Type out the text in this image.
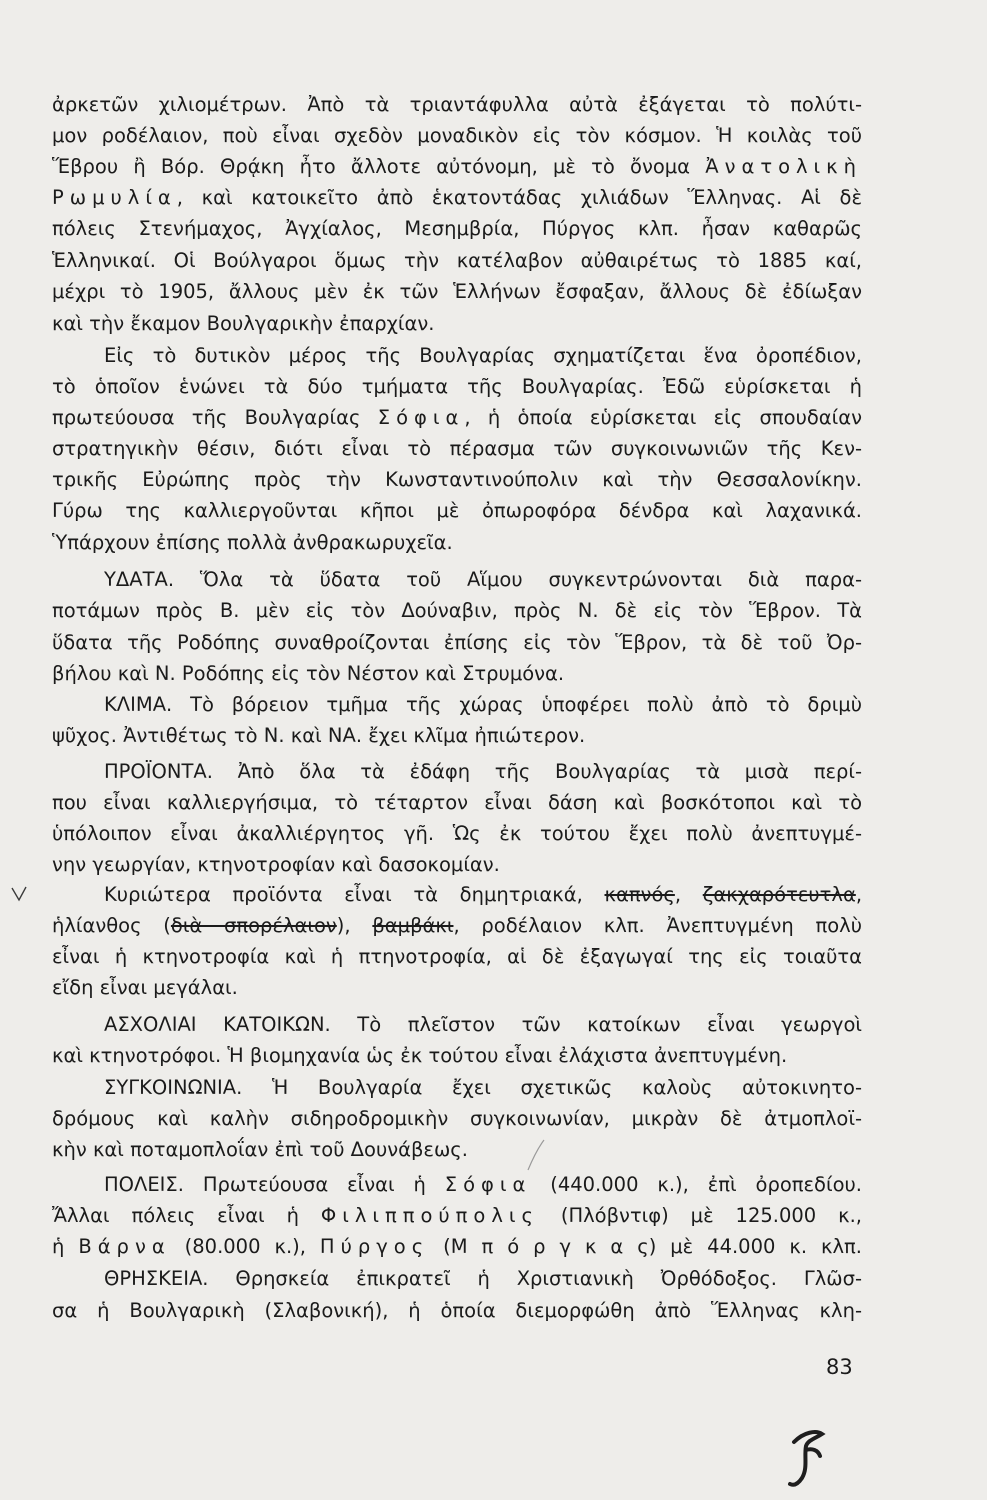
ἀρκετῶν χιλιομέτρων. Ἀπὸ τὰ τριαντάφυλλα αὐτὰ ἐξάγεται τὸ πολύτι-
μον ροδέλαιον, ποὺ εἶναι σχεδὸν μοναδικὸν εἰς τὸν κόσμον. Ἡ κοιλὰς τοῦ
Ἕβρου ἢ Βόρ. Θρᾴκη ἦτο ἄλλοτε αὐτόνομη, μὲ τὸ ὄνομα Ἀνατολικὴ
Ρωμυλία, καὶ κατοικεῖτο ἀπὸ ἑκατοντάδας χιλιάδων Ἕλληνας. Αἱ δὲ
πόλεις Στενήμαχος, Ἀγχίαλος, Μεσημβρία, Πύργος κλπ. ἦσαν καθαρῶς
Ἑλληνικαί. Οἱ Βούλγαροι ὅμως τὴν κατέλαβον αὐθαιρέτως τὸ 1885 καί,
μέχρι τὸ 1905, ἄλλους μὲν ἐκ τῶν Ἑλλήνων ἔσφαξαν, ἄλλους δὲ ἐδίωξαν
καὶ τὴν ἔκαμον Βουλγαρικὴν ἐπαρχίαν.
Εἰς τὸ δυτικὸν μέρος τῆς Βουλγαρίας σχηματίζεται ἕνα ὀροπέδιον,
τὸ ὁποῖον ἑνώνει τὰ δύο τμήματα τῆς Βουλγαρίας. Ἐδῶ εὑρίσκεται ἡ
πρωτεύουσα τῆς Βουλγαρίας Σόφια, ἡ ὁποία εὑρίσκεται εἰς σπουδαίαν
στρατηγικὴν θέσιν, διότι εἶναι τὸ πέρασμα τῶν συγκοινωνιῶν τῆς Κεν-
τρικῆς Εὐρώπης πρὸς τὴν Κωνσταντινούπολιν καὶ τὴν Θεσσαλονίκην.
Γύρω της καλλιεργοῦνται κῆποι μὲ ὀπωροφόρα δένδρα καὶ λαχανικά.
Ὑπάρχουν ἐπίσης πολλὰ ἀνθρακωρυχεῖα.
ΥΔΑΤΑ. Ὅλα τὰ ὕδατα τοῦ Αἵμου συγκεντρώνονται διὰ παρα-
ποτάμων πρὸς Β. μὲν εἰς τὸν Δούναβιν, πρὸς Ν. δὲ εἰς τὸν Ἕβρον. Τὰ
ὕδατα τῆς Ροδόπης συναθροίζονται ἐπίσης εἰς τὸν Ἕβρον, τὰ δὲ τοῦ Ὀρ-
βήλου καὶ Ν. Ροδόπης εἰς τὸν Νέστον καὶ Στρυμόνα.
ΚΛΙΜΑ. Τὸ βόρειον τμῆμα τῆς χώρας ὑποφέρει πολὺ ἀπὸ τὸ δριμὺ
ψῦχος. Ἀντιθέτως τὸ Ν. καὶ ΝΑ. ἔχει κλῖμα ἠπιώτερον.
ΠΡΟΪΟΝΤΑ. Ἀπὸ ὅλα τὰ ἐδάφη τῆς Βουλγαρίας τὰ μισὰ περί-
που εἶναι καλλιεργήσιμα, τὸ τέταρτον εἶναι δάση καὶ βοσκότοποι καὶ τὸ
ὑπόλοιπον εἶναι ἀκαλλιέργητος γῆ. Ὡς ἐκ τούτου ἔχει πολὺ ἀνεπτυγμέ-
νην γεωργίαν, κτηνοτροφίαν καὶ δασοκομίαν.
Κυριώτερα προϊόντα εἶναι τὰ δημητριακά, καπνός, ζακχαρότευτλα,
ἡλίανθος (διὰ σπορέλαιον), βαμβάκι, ροδέλαιον κλπ. Ἀνεπτυγμένη πολὺ
εἶναι ἡ κτηνοτροφία καὶ ἡ πτηνοτροφία, αἱ δὲ ἐξαγωγαί της εἰς τοιαῦτα
εἴδη εἶναι μεγάλαι.
ΑΣΧΟΛΙΑΙ ΚΑΤΟΙΚΩΝ. Τὸ πλεῖστον τῶν κατοίκων εἶναι γεωργοὶ
καὶ κτηνοτρόφοι. Ἡ βιομηχανία ὡς ἐκ τούτου εἶναι ἐλάχιστα ἀνεπτυγμένη.
ΣΥΓΚΟΙΝΩΝΙΑ. Ἡ Βουλγαρία ἔχει σχετικῶς καλοὺς αὐτοκινητο-
δρόμους καὶ καλὴν σιδηροδρομικὴν συγκοινωνίαν, μικρὰν δὲ ἀτμοπλοϊ-
κὴν καὶ ποταμοπλοΐαν ἐπὶ τοῦ Δουνάβεως.
ΠΟΛΕΙΣ. Πρωτεύουσα εἶναι ἡ Σόφια (440.000 κ.), ἐπὶ ὀροπεδίου.
Ἄλλαι πόλεις εἶναι ἡ Φιλιππούπολις (Πλόβντιφ) μὲ 125.000 κ.,
ἡ Βάρνα (80.000 κ.), Πύργος (Μ π ό ρ γ κ α ς) μὲ 44.000 κ. κλπ.
ΘΡΗΣΚΕΙΑ. Θρησκεία ἐπικρατεῖ ἡ Χριστιανικὴ Ὀρθόδοξος. Γλῶσ-
σα ἡ Βουλγαρικὴ (Σλαβονική), ἡ ὁποία διεμορφώθη ἀπὸ Ἕλληνας κλη-
83
